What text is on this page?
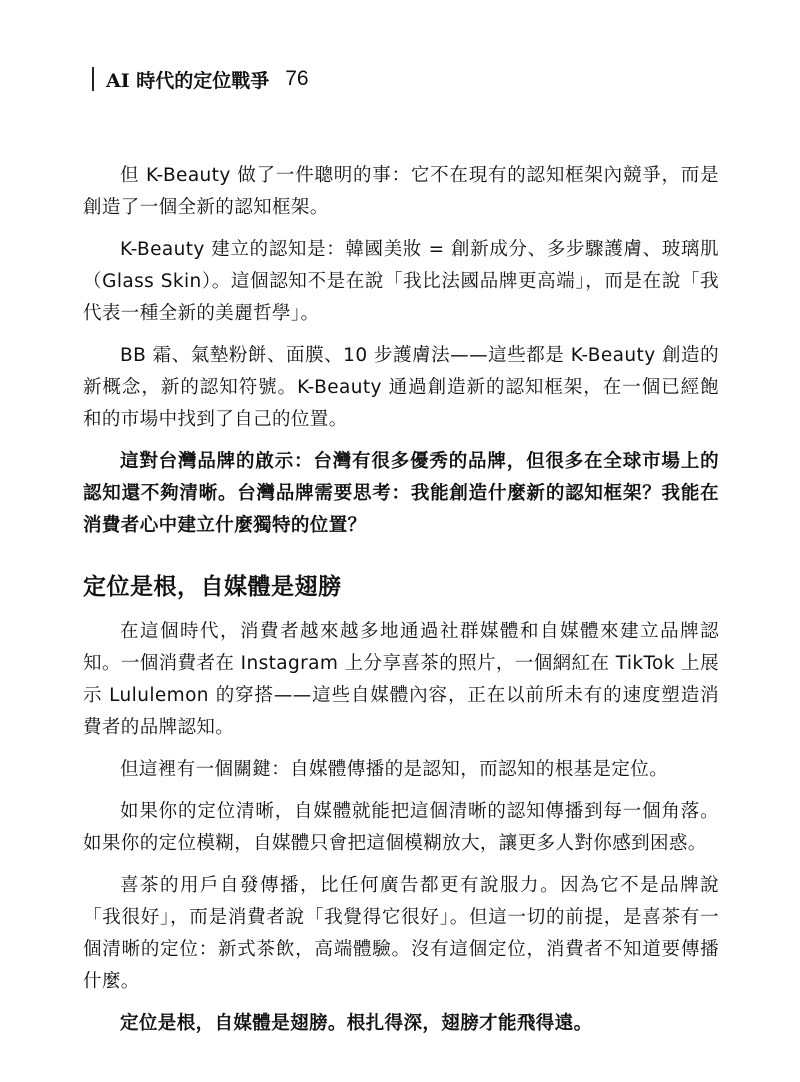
AI 時代的定位戰爭 76

但 K-Beauty 做了一件聰明的事：它不在現有的認知框架內競爭，而是創造了一個全新的認知框架。

K-Beauty 建立的認知是：韓國美妝 = 創新成分、多步驟護膚、玻璃肌（Glass Skin）。這個認知不是在說「我比法國品牌更高端」，而是在說「我代表一種全新的美麗哲學」。

BB 霜、氣墊粉餅、面膜、10 步護膚法——這些都是 K-Beauty 創造的新概念，新的認知符號。K-Beauty 通過創造新的認知框架，在一個已經飽和的市場中找到了自己的位置。

這對台灣品牌的啟示：台灣有很多優秀的品牌，但很多在全球市場上的認知還不夠清晰。台灣品牌需要思考：我能創造什麼新的認知框架？我能在消費者心中建立什麼獨特的位置？

定位是根，自媒體是翅膀

在這個時代，消費者越來越多地通過社群媒體和自媒體來建立品牌認知。一個消費者在 Instagram 上分享喜茶的照片，一個網紅在 TikTok 上展示 Lululemon 的穿搭——這些自媒體內容，正在以前所未有的速度塑造消費者的品牌認知。

但這裡有一個關鍵：自媒體傳播的是認知，而認知的根基是定位。

如果你的定位清晰，自媒體就能把這個清晰的認知傳播到每一個角落。如果你的定位模糊，自媒體只會把這個模糊放大，讓更多人對你感到困惑。

喜茶的用戶自發傳播，比任何廣告都更有說服力。因為它不是品牌說「我很好」，而是消費者說「我覺得它很好」。但這一切的前提，是喜茶有一個清晰的定位：新式茶飲，高端體驗。沒有這個定位，消費者不知道要傳播什麼。

定位是根，自媒體是翅膀。根扎得深，翅膀才能飛得遠。
